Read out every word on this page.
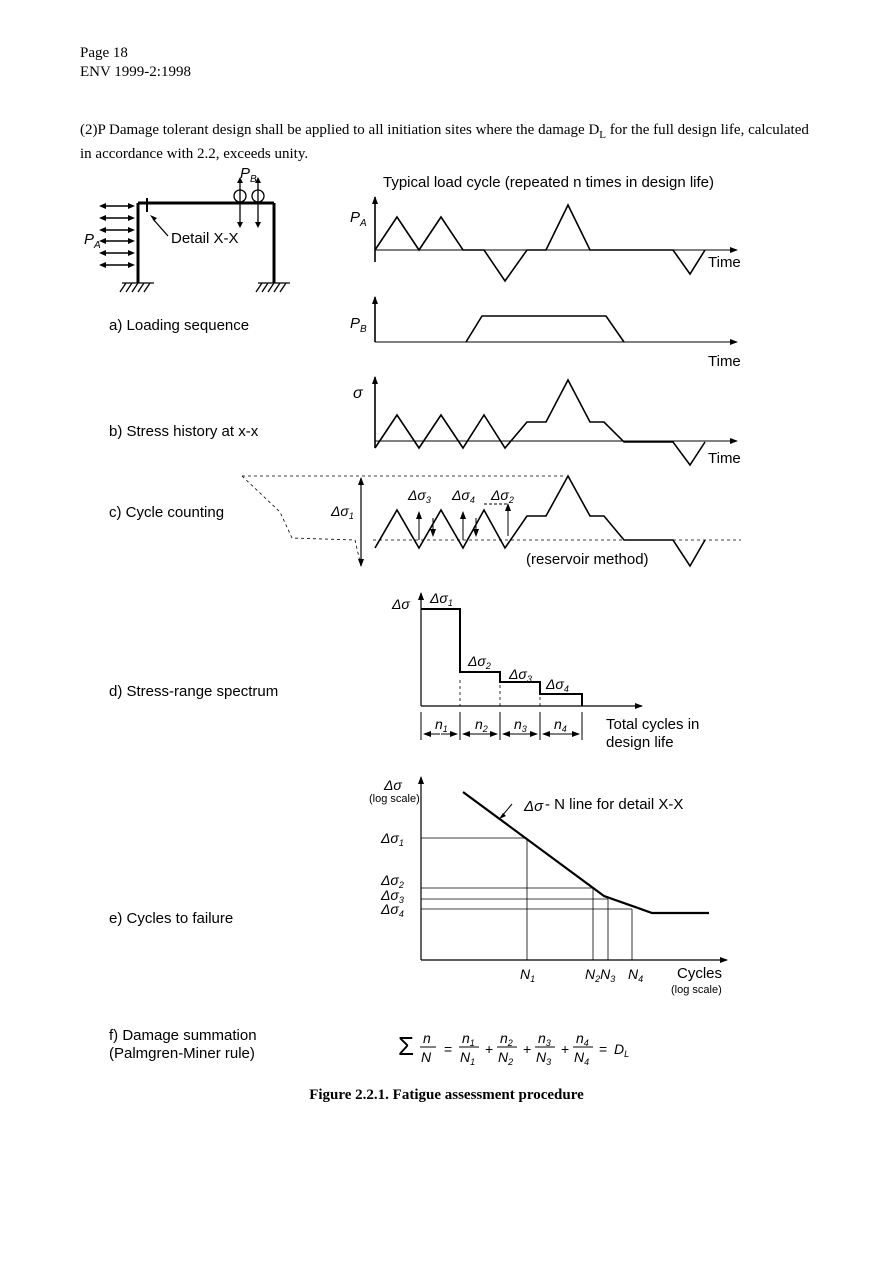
Page 18
ENV 1999-2:1998
(2)P Damage tolerant design shall be applied to all initiation sites where the damage $D_L$ for the full design life, calculated in accordance with 2.2, exceeds unity.
Typical load cycle (repeated n times in design life)
Detail X-X
a) Loading sequence
b) Stress history at x-x
c) Cycle counting
d) Stress-range spectrum
e) Cycles to failure
f) Damage summation
(Palmgren-Miner rule)
Time
Time
Time
(reservoir method)
Total cycles in
design life
(log scale)
Cycles
(log scale)
- N line for detail X-X
Figure 2.2.1. Fatigue assessment procedure
$P_A$
$P_B$
$P_A$
$P_B$
σ
$\Delta\sigma_3$ $\Delta\sigma_4$ $\Delta\sigma_2$
$\Delta\sigma_1$
Δσ $\Delta\sigma_1$
$\Delta\sigma_2$ $\Delta\sigma_3$ $\Delta\sigma_4$
$n_1$ $n_2$ $n_3$ $n_4$
Δσ
$\Delta\sigma_1$
$\Delta\sigma_2$
$\Delta\sigma_3$
$\Delta\sigma_4$
Δσ
$N_1$	$N_2N_3$ $N_4$
Σ n
N =
$n_1$
$N_1$
+
$n_2$
$N_2$
+
$n_3$
$N_3$
+
$n_4$
$N_4$
= $D_L$
